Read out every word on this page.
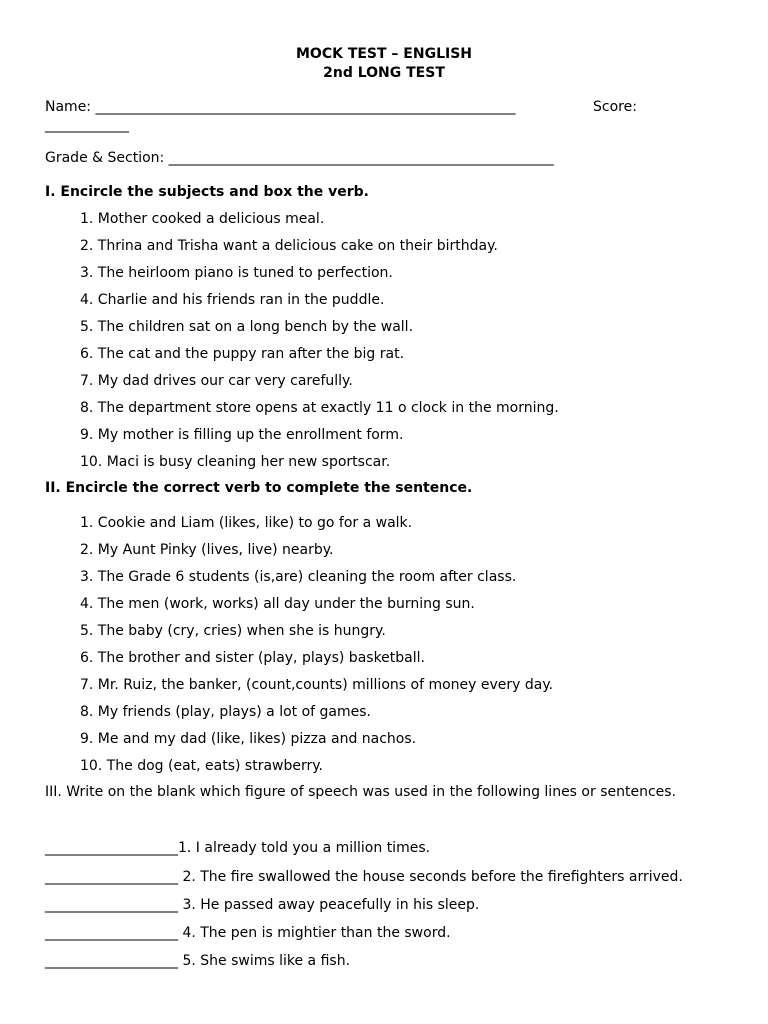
MOCK TEST – ENGLISH
2nd LONG TEST
Name: ____________________________________________________________	Score:
____________
Grade & Section: _______________________________________________________
I. Encircle the subjects and box the verb.
1. Mother cooked a delicious meal.
2. Thrina and Trisha want a delicious cake on their birthday.
3. The heirloom piano is tuned to perfection.
4. Charlie and his friends ran in the puddle.
5. The children sat on a long bench by the wall.
6. The cat and the puppy ran after the big rat.
7. My dad drives our car very carefully.
8. The department store opens at exactly 11 o clock in the morning.
9. My mother is filling up the enrollment form.
10. Maci is busy cleaning her new sportscar.
II. Encircle the correct verb to complete the sentence.
1. Cookie and Liam (likes, like) to go for a walk.
2. My Aunt Pinky (lives, live) nearby.
3. The Grade 6 students (is,are) cleaning the room after class.
4. The men (work, works) all day under the burning sun.
5. The baby (cry, cries) when she is hungry.
6. The brother and sister (play, plays) basketball.
7. Mr. Ruiz, the banker, (count,counts) millions of money every day.
8. My friends (play, plays) a lot of games.
9. Me and my dad (like, likes) pizza and nachos.
10. The dog (eat, eats) strawberry.
III. Write on the blank which figure of speech was used in the following lines or sentences.
___________________1. I already told you a million times.
___________________ 2. The fire swallowed the house seconds before the firefighters arrived.
___________________ 3. He passed away peacefully in his sleep.
___________________ 4. The pen is mightier than the sword.
___________________ 5. She swims like a fish.
